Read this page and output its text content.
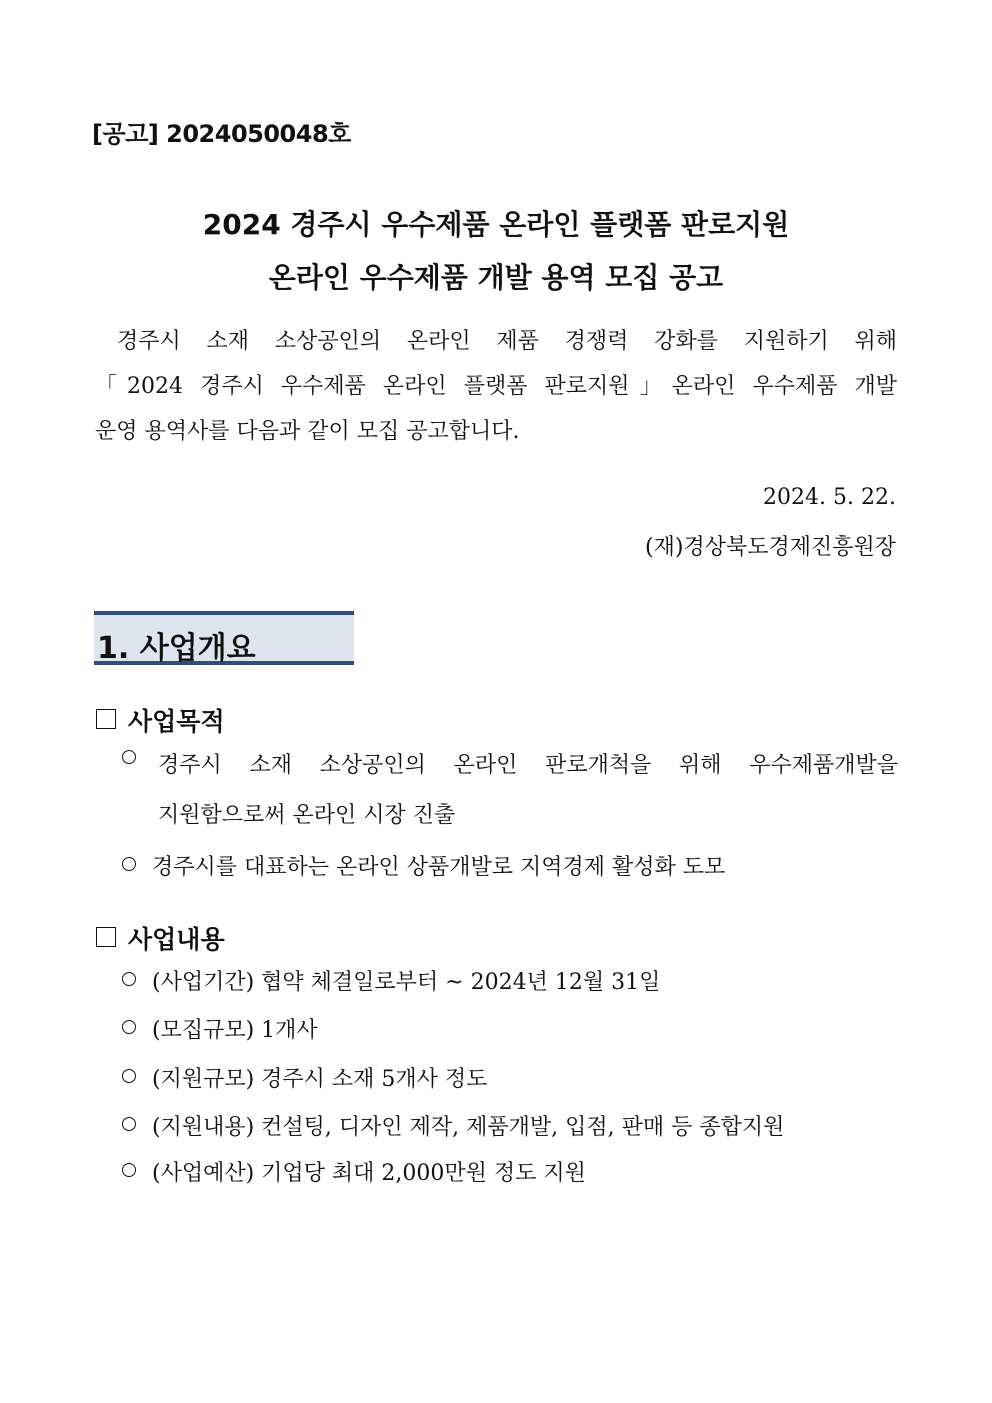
[공고] 2024050048호
2024 경주시 우수제품 온라인 플랫폼 판로지원
온라인 우수제품 개발 용역 모집 공고
경주시 소재 소상공인의 온라인 제품 경쟁력 강화를 지원하기 위해
「2024 경주시 우수제품 온라인 플랫폼 판로지원」온라인 우수제품 개발
운영 용역사를 다음과 같이 모집 공고합니다.
2024. 5. 22.
(재)경상북도경제진흥원장
1. 사업개요
사업목적
경주시 소재 소상공인의 온라인 판로개척을 위해 우수제품개발을
지원함으로써 온라인 시장 진출
경주시를 대표하는 온라인 상품개발로 지역경제 활성화 도모
사업내용
(사업기간) 협약 체결일로부터 ~ 2024년 12월 31일
(모집규모) 1개사
(지원규모) 경주시 소재 5개사 정도
(지원내용) 컨설팅, 디자인 제작, 제품개발, 입점, 판매 등 종합지원
(사업예산) 기업당 최대 2,000만원 정도 지원
